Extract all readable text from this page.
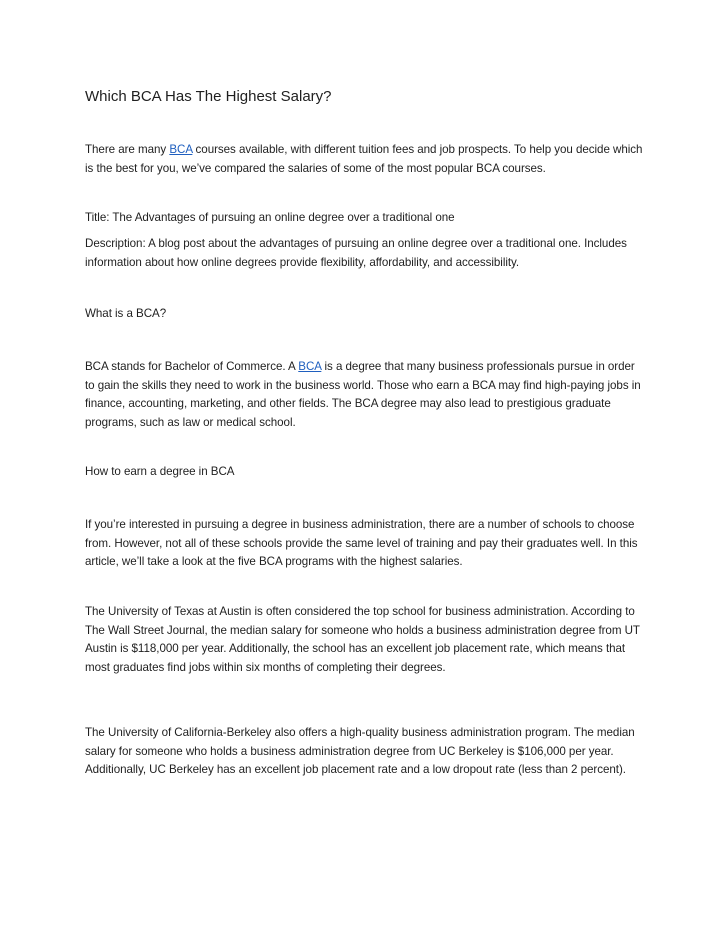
Which BCA Has The Highest Salary?

There are many BCA courses available, with different tuition fees and job prospects. To help you decide which is the best for you, we’ve compared the salaries of some of the most popular BCA courses.

Title: The Advantages of pursuing an online degree over a traditional one

Description: A blog post about the advantages of pursuing an online degree over a traditional one. Includes information about how online degrees provide flexibility, affordability, and accessibility.

What is a BCA?

BCA stands for Bachelor of Commerce. A BCA is a degree that many business professionals pursue in order to gain the skills they need to work in the business world. Those who earn a BCA may find high-paying jobs in finance, accounting, marketing, and other fields. The BCA degree may also lead to prestigious graduate programs, such as law or medical school.

How to earn a degree in BCA

If you’re interested in pursuing a degree in business administration, there are a number of schools to choose from. However, not all of these schools provide the same level of training and pay their graduates well. In this article, we’ll take a look at the five BCA programs with the highest salaries.

The University of Texas at Austin is often considered the top school for business administration. According to The Wall Street Journal, the median salary for someone who holds a business administration degree from UT Austin is $118,000 per year. Additionally, the school has an excellent job placement rate, which means that most graduates find jobs within six months of completing their degrees.

The University of California-Berkeley also offers a high-quality business administration program. The median salary for someone who holds a business administration degree from UC Berkeley is $106,000 per year. Additionally, UC Berkeley has an excellent job placement rate and a low dropout rate (less than 2 percent).
